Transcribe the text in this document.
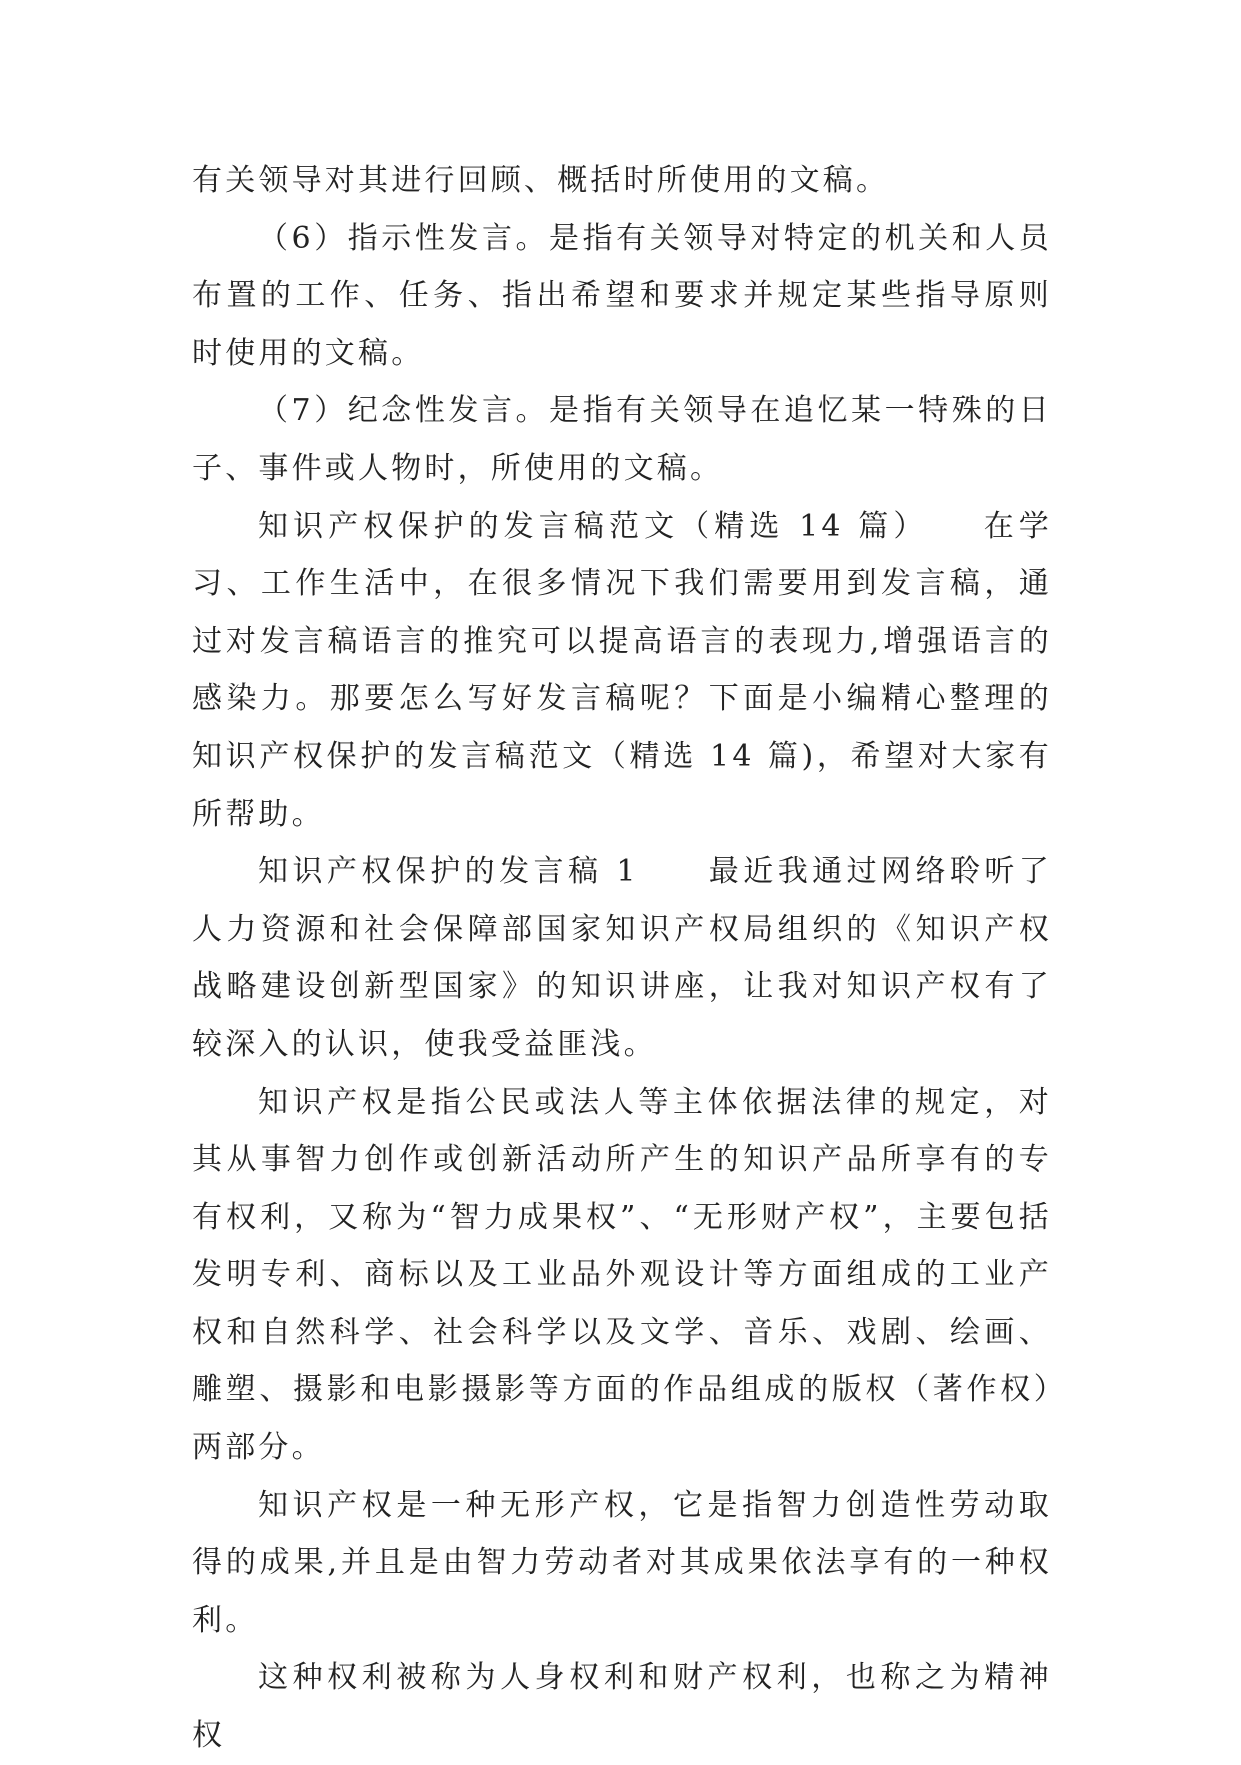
有关领导对其进行回顾、概括时所使用的文稿。

（6）指示性发言。是指有关领导对特定的机关和人员布置的工作、任务、指出希望和要求并规定某些指导原则时使用的文稿。

（7）纪念性发言。是指有关领导在追忆某一特殊的日子、事件或人物时，所使用的文稿。

知识产权保护的发言稿范文（精选 14 篇）　　在学习、工作生活中，在很多情况下我们需要用到发言稿，通过对发言稿语言的推究可以提高语言的表现力,增强语言的感染力。那要怎么写好发言稿呢？下面是小编精心整理的知识产权保护的发言稿范文（精选 14 篇)，希望对大家有所帮助。

知识产权保护的发言稿 1　　最近我通过网络聆听了人力资源和社会保障部国家知识产权局组织的《知识产权战略建设创新型国家》的知识讲座，让我对知识产权有了较深入的认识，使我受益匪浅。

知识产权是指公民或法人等主体依据法律的规定，对其从事智力创作或创新活动所产生的知识产品所享有的专有权利，又称为“智力成果权”、“无形财产权”，主要包括发明专利、商标以及工业品外观设计等方面组成的工业产权和自然科学、社会科学以及文学、音乐、戏剧、绘画、雕塑、摄影和电影摄影等方面的作品组成的版权（著作权）两部分。

知识产权是一种无形产权，它是指智力创造性劳动取得的成果,并且是由智力劳动者对其成果依法享有的一种权利。

这种权利被称为人身权利和财产权利，也称之为精神权
